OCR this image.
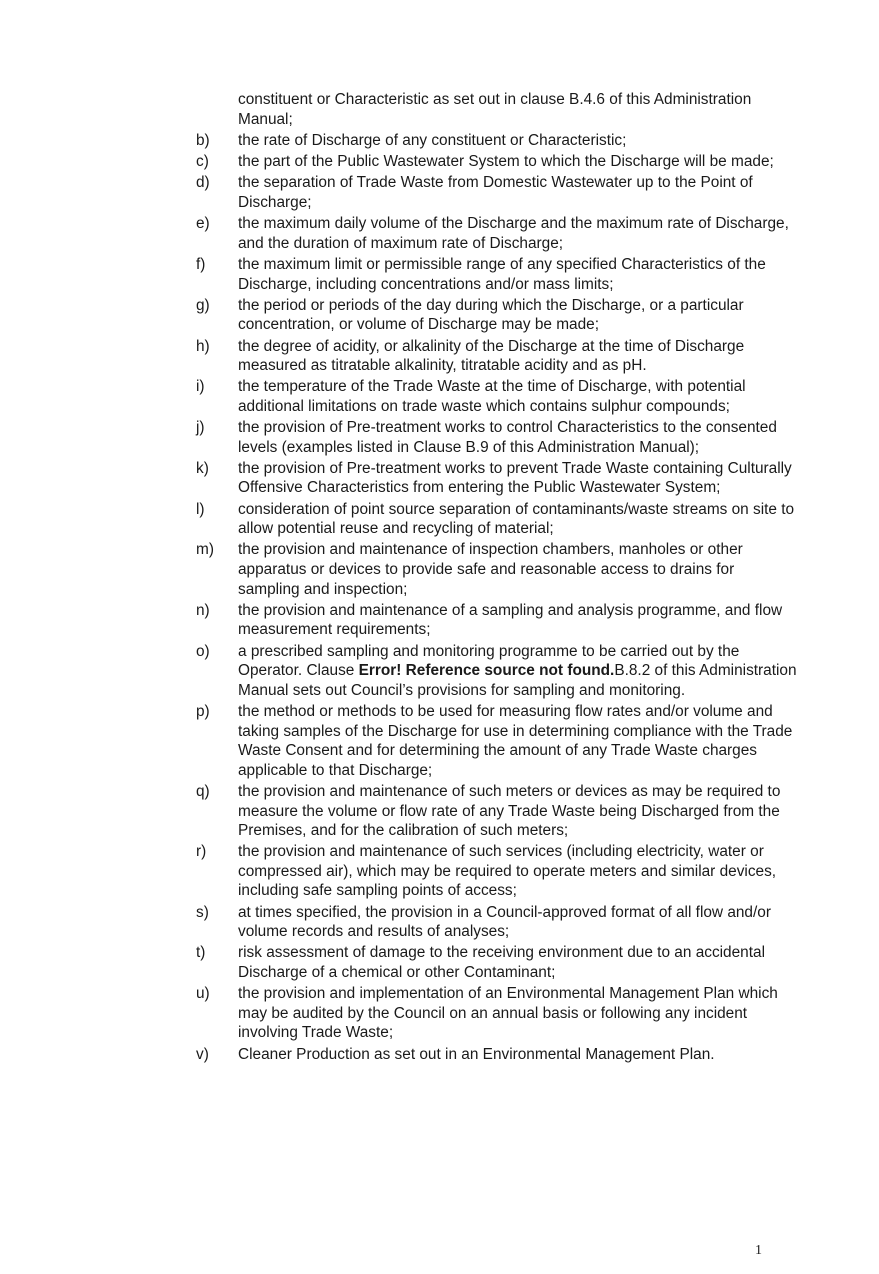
constituent or Characteristic as set out in clause B.4.6 of this Administration Manual;
b)	the rate of Discharge of any constituent or Characteristic;
c)	the part of the Public Wastewater System to which the Discharge will be made;
d)	the separation of Trade Waste from Domestic Wastewater up to the Point of Discharge;
e)	the maximum daily volume of the Discharge and the maximum rate of Discharge, and the duration of maximum rate of Discharge;
f)	the maximum limit or permissible range of any specified Characteristics of the Discharge, including concentrations and/or mass limits;
g)	the period or periods of the day during which the Discharge, or a particular concentration, or volume of Discharge may be made;
h)	the degree of acidity, or alkalinity of the Discharge at the time of Discharge measured as titratable alkalinity, titratable acidity and as pH.
i)	the temperature of the Trade Waste at the time of Discharge, with potential additional limitations on trade waste which contains sulphur compounds;
j)	the provision of Pre-treatment works to control Characteristics to the consented levels (examples listed in Clause B.9 of this Administration Manual);
k)	the provision of Pre-treatment works to prevent Trade Waste containing Culturally Offensive Characteristics from entering the Public Wastewater System;
l)	consideration of point source separation of contaminants/waste streams on site to allow potential reuse and recycling of material;
m)	the provision and maintenance of inspection chambers, manholes or other apparatus or devices to provide safe and reasonable access to drains for sampling and inspection;
n)	the provision and maintenance of a sampling and analysis programme, and flow measurement requirements;
o)	a prescribed sampling and monitoring programme to be carried out by the Operator. Clause Error! Reference source not found.B.8.2 of this Administration Manual sets out Council’s provisions for sampling and monitoring.
p)	the method or methods to be used for measuring flow rates and/or volume and taking samples of the Discharge for use in determining compliance with the Trade Waste Consent and for determining the amount of any Trade Waste charges applicable to that Discharge;
q)	the provision and maintenance of such meters or devices as may be required to measure the volume or flow rate of any Trade Waste being Discharged from the Premises, and for the calibration of such meters;
r)	the provision and maintenance of such services (including electricity, water or compressed air), which may be required to operate meters and similar devices, including safe sampling points of access;
s)	at times specified, the provision in a Council-approved format of all flow and/or volume records and results of analyses;
t)	risk assessment of damage to the receiving environment due to an accidental Discharge of a chemical or other Contaminant;
u)	the provision and implementation of an Environmental Management Plan which may be audited by the Council on an annual basis or following any incident involving Trade Waste;
v)	Cleaner Production as set out in an Environmental Management Plan.
1
